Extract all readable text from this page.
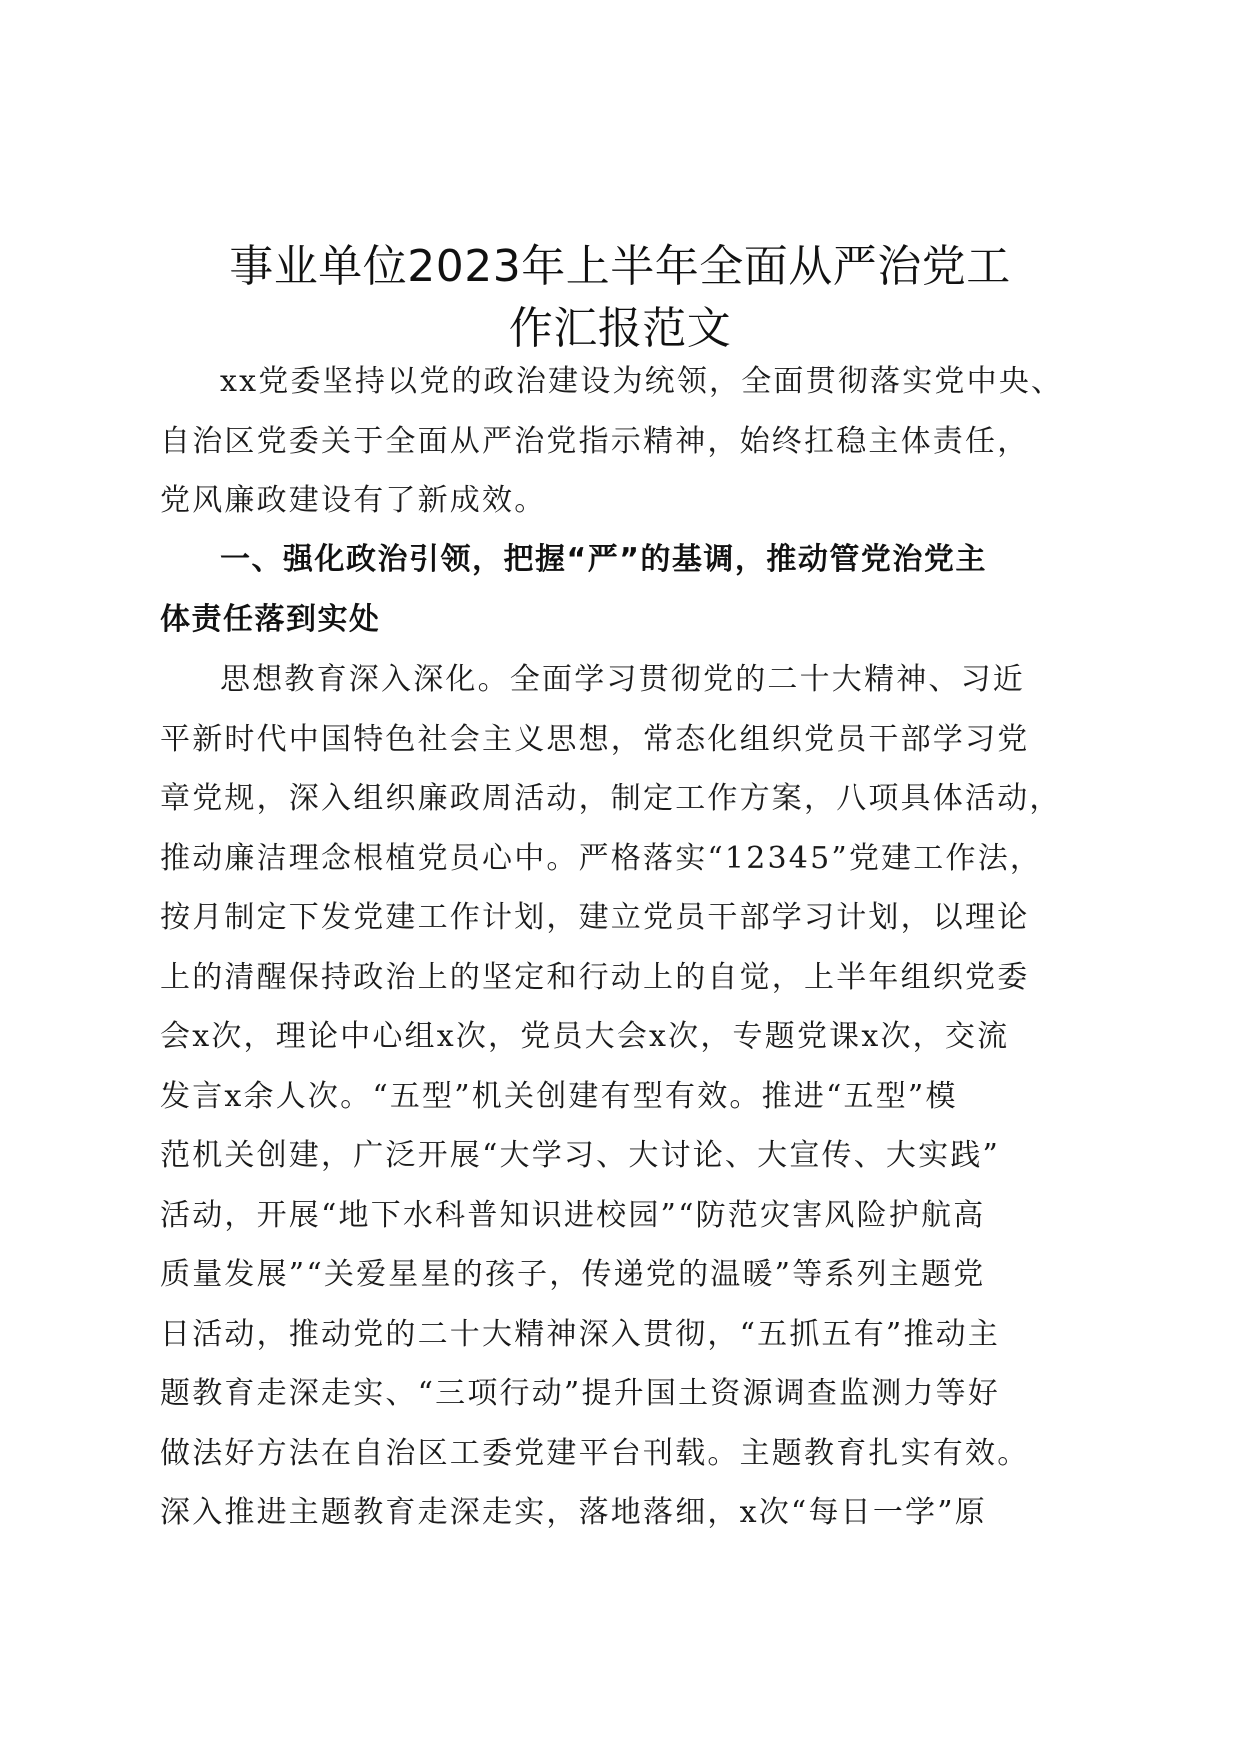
事业单位2023年上半年全面从严治党工
作汇报范文
xx党委坚持以党的政治建设为统领，全面贯彻落实党中央、
自治区党委关于全面从严治党指示精神，始终扛稳主体责任，
党风廉政建设有了新成效。
一、强化政治引领，把握“严”的基调，推动管党治党主
体责任落到实处
思想教育深入深化。全面学习贯彻党的二十大精神、习近
平新时代中国特色社会主义思想，常态化组织党员干部学习党
章党规，深入组织廉政周活动，制定工作方案，八项具体活动，
推动廉洁理念根植党员心中。严格落实“12345”党建工作法，
按月制定下发党建工作计划，建立党员干部学习计划，以理论
上的清醒保持政治上的坚定和行动上的自觉，上半年组织党委
会x次，理论中心组x次，党员大会x次，专题党课x次，交流
发言x余人次。“五型”机关创建有型有效。推进“五型”模
范机关创建，广泛开展“大学习、大讨论、大宣传、大实践”
活动，开展“地下水科普知识进校园”“防范灾害风险护航高
质量发展”“关爱星星的孩子，传递党的温暖”等系列主题党
日活动，推动党的二十大精神深入贯彻，“五抓五有”推动主
题教育走深走实、“三项行动”提升国土资源调查监测力等好
做法好方法在自治区工委党建平台刊载。主题教育扎实有效。
深入推进主题教育走深走实，落地落细，x次“每日一学”原
